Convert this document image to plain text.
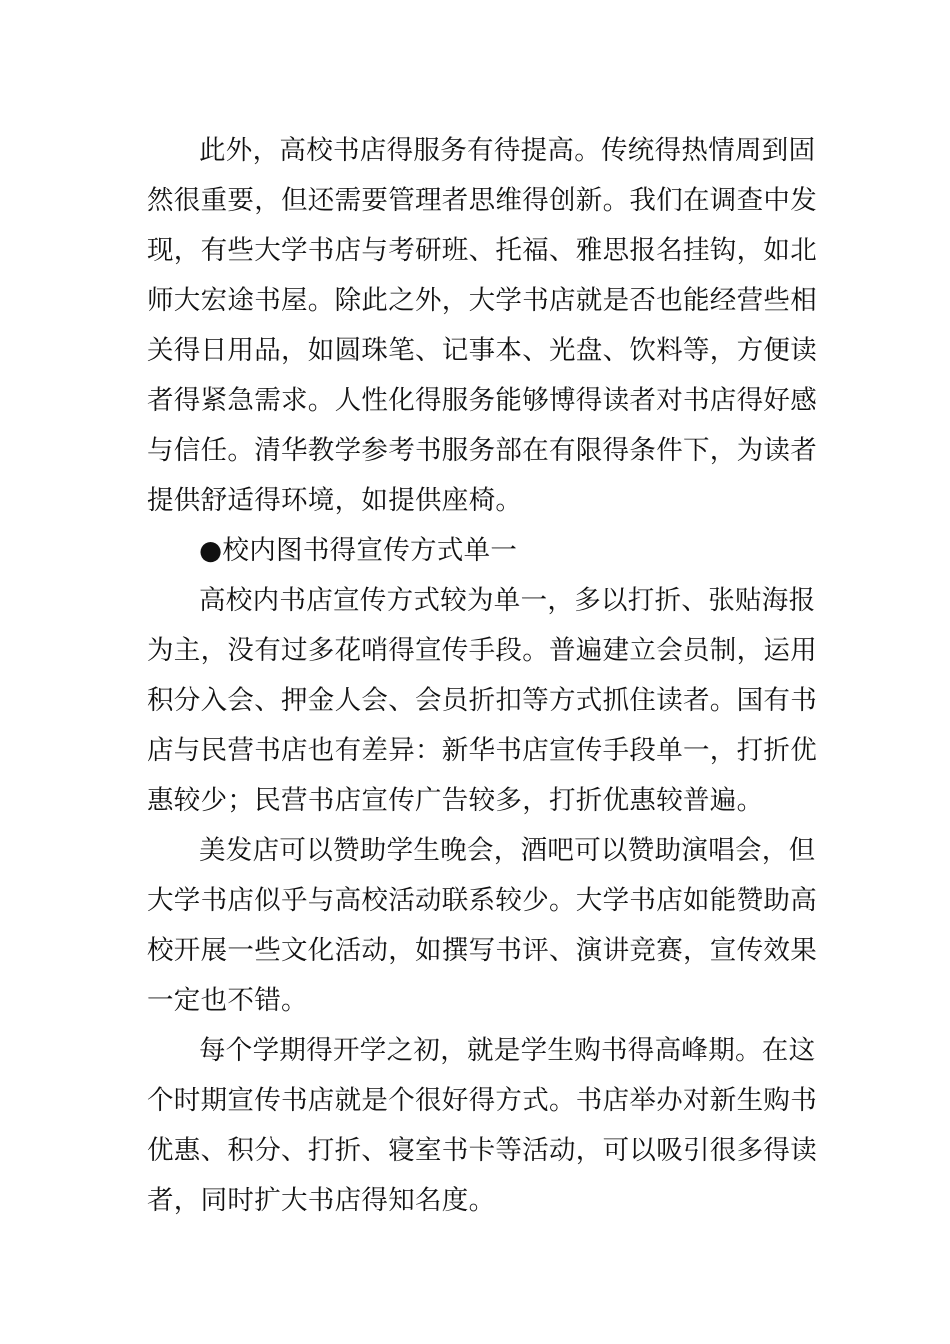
此外，高校书店得服务有待提高。传统得热情周到固
然很重要，但还需要管理者思维得创新。我们在调查中发
现，有些大学书店与考研班、托福、雅思报名挂钩，如北
师大宏途书屋。除此之外，大学书店就是否也能经营些相
关得日用品，如圆珠笔、记事本、光盘、饮料等，方便读
者得紧急需求。人性化得服务能够博得读者对书店得好感
与信任。清华教学参考书服务部在有限得条件下，为读者
提供舒适得环境，如提供座椅。
●校内图书得宣传方式单一
高校内书店宣传方式较为单一，多以打折、张贴海报
为主，没有过多花哨得宣传手段。普遍建立会员制，运用
积分入会、押金人会、会员折扣等方式抓住读者。国有书
店与民营书店也有差异：新华书店宣传手段单一，打折优
惠较少；民营书店宣传广告较多，打折优惠较普遍。
美发店可以赞助学生晚会，酒吧可以赞助演唱会，但
大学书店似乎与高校活动联系较少。大学书店如能赞助高
校开展一些文化活动，如撰写书评、演讲竞赛，宣传效果
一定也不错。
每个学期得开学之初，就是学生购书得高峰期。在这
个时期宣传书店就是个很好得方式。书店举办对新生购书
优惠、积分、打折、寝室书卡等活动，可以吸引很多得读
者，同时扩大书店得知名度。
